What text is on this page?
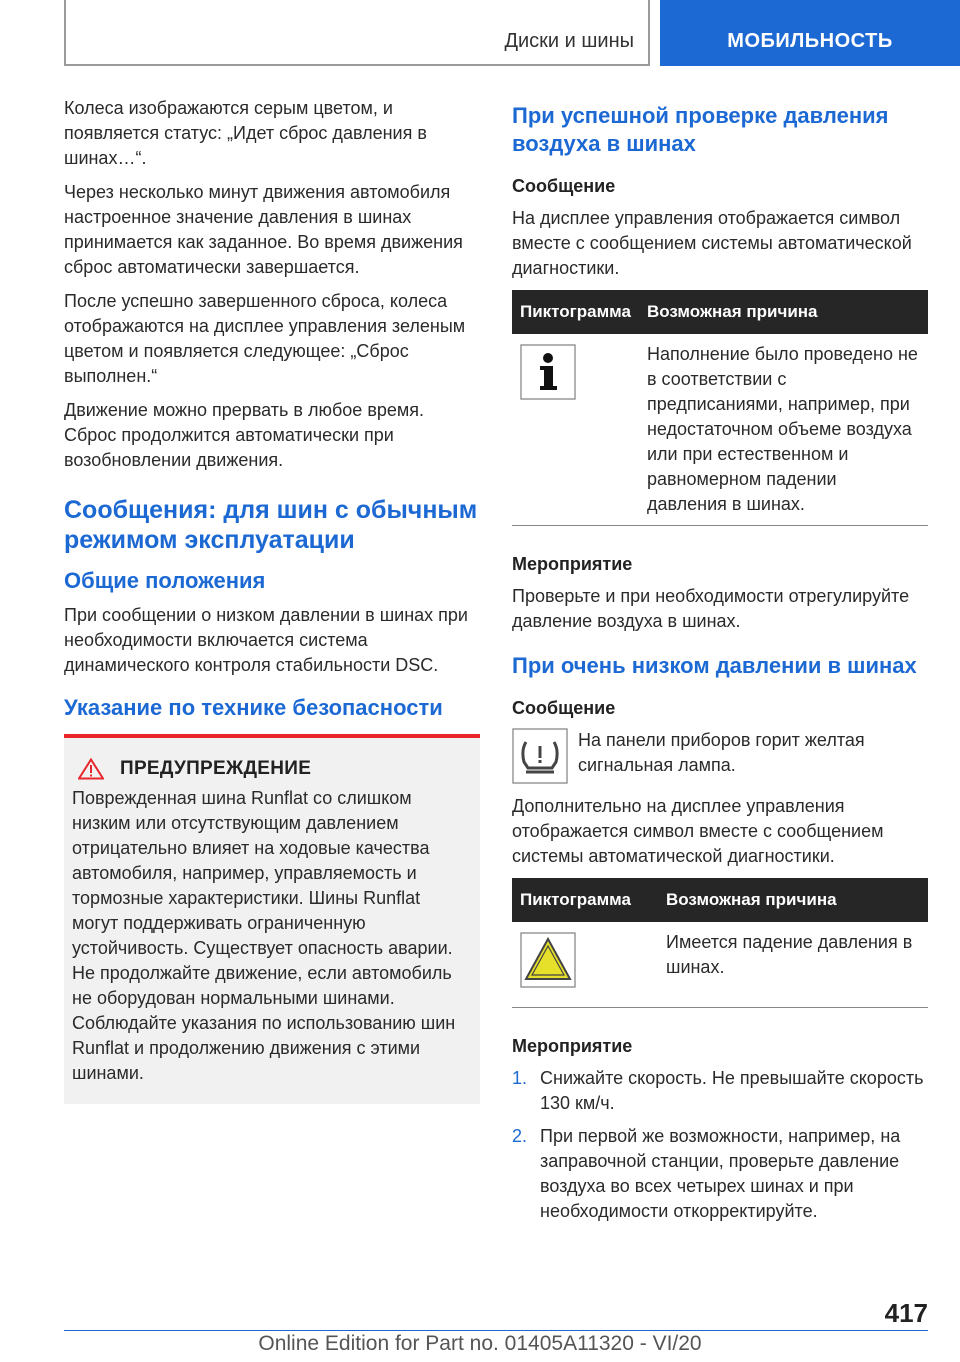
Диски и шины	МОБИЛЬНОСТЬ

Колеса изображаются серым цветом, и появляется статус: „Идет сброс давления в шинах…“.

Через несколько минут движения автомобиля настроенное значение давления в шинах принимается как заданное. Во время движения сброс автоматически завершается.

После успешно завершенного сброса, колеса отображаются на дисплее управления зеленым цветом и появляется следующее: „Сброс выполнен.“

Движение можно прервать в любое время. Сброс продолжится автоматически при возобновлении движения.

Сообщения: для шин с обычным режимом эксплуатации
Общие положения

При сообщении о низком давлении в шинах при необходимости включается система динамического контроля стабильности DSC.

Указание по технике безопасности
ПРЕДУПРЕЖДЕНИЕ

Поврежденная шина Runflat со слишком низким или отсутствующим давлением отрицательно влияет на ходовые качества автомобиля, например, управляемость и тормозные характеристики. Шины Runflat могут поддерживать ограниченную устойчивость. Существует опасность аварии. Не продолжайте движение, если автомобиль не оборудован нормальными шинами. Соблюдайте указания по использованию шин Runflat и продолжению движения с этими шинами.

При успешной проверке давления воздуха в шинах
Сообщение

На дисплее управления отображается символ вместе с сообщением системы автоматической диагностики.

Пиктограмма	Возможная причина
	Наполнение было проведено не в соответствии с предписаниями, например, при недостаточном объеме воздуха или при естественном и равномерном падении давления в шинах.
Мероприятие

Проверьте и при необходимости отрегулируйте давление воздуха в шинах.

При очень низком давлении в шинах
Сообщение

На панели приборов горит желтая сигнальная лампа.

Дополнительно на дисплее управления отображается символ вместе с сообщением системы автоматической диагностики.

Пиктограмма	Возможная причина
	Имеется падение давления в шинах.
Мероприятие
1. Снижайте скорость. Не превышайте скорость 130 км/ч.
2. При первой же возможности, например, на заправочной станции, проверьте давление воздуха во всех четырех шинах и при необходимости откорректируйте.
417
Online Edition for Part no. 01405A11320 - VI/20
